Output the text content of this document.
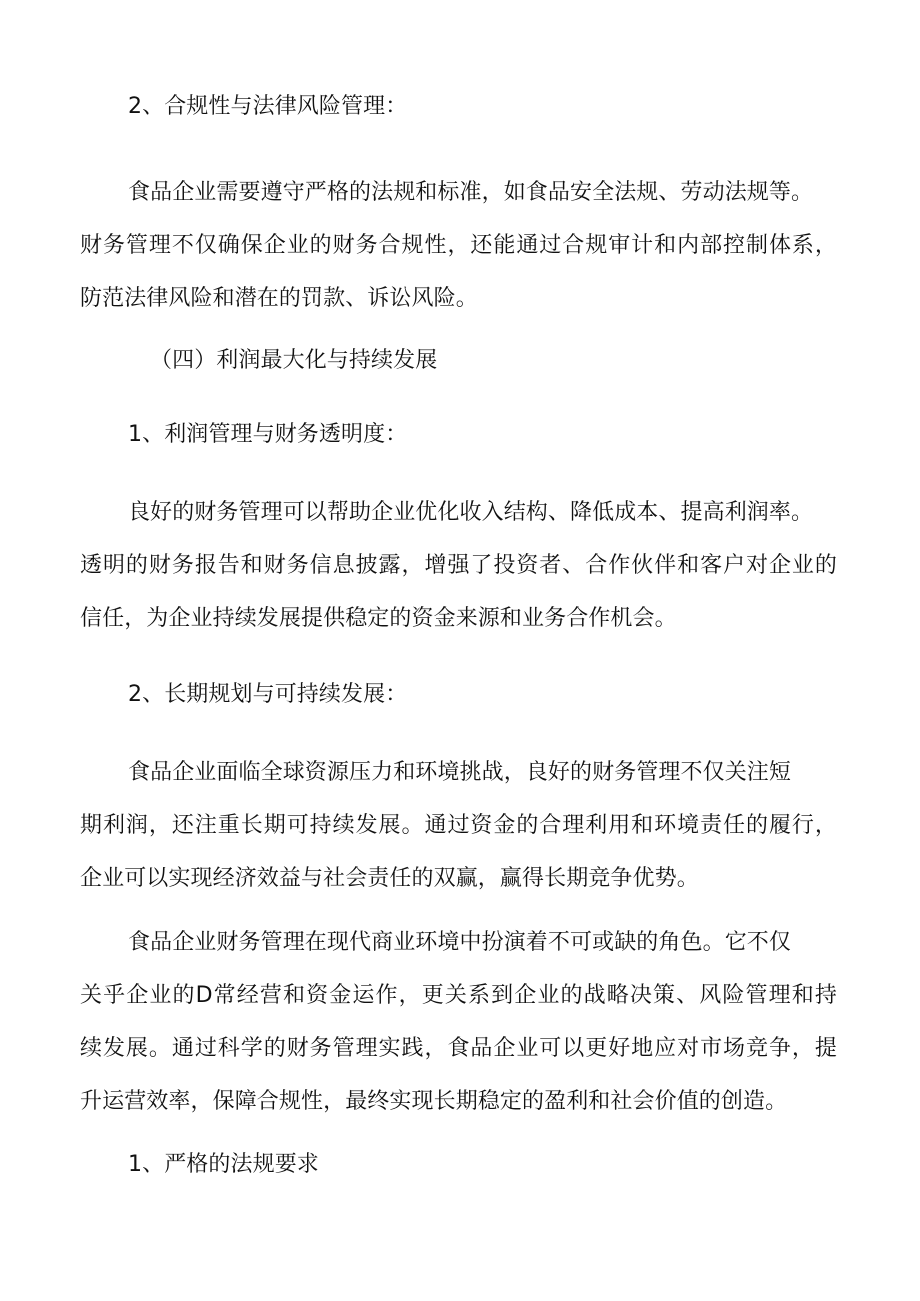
2、合规性与法律风险管理：
食品企业需要遵守严格的法规和标准，如食品安全法规、劳动法规等。
财务管理不仅确保企业的财务合规性，还能通过合规审计和内部控制体系，
防范法律风险和潜在的罚款、诉讼风险。
（四）利润最大化与持续发展
1、利润管理与财务透明度：
良好的财务管理可以帮助企业优化收入结构、降低成本、提高利润率。
透明的财务报告和财务信息披露，增强了投资者、合作伙伴和客户对企业的
信任，为企业持续发展提供稳定的资金来源和业务合作机会。
2、长期规划与可持续发展：
食品企业面临全球资源压力和环境挑战，良好的财务管理不仅关注短
期利润，还注重长期可持续发展。通过资金的合理利用和环境责任的履行，
企业可以实现经济效益与社会责任的双赢，赢得长期竞争优势。
食品企业财务管理在现代商业环境中扮演着不可或缺的角色。它不仅
关乎企业的D常经营和资金运作，更关系到企业的战略决策、风险管理和持
续发展。通过科学的财务管理实践，食品企业可以更好地应对市场竞争，提
升运营效率，保障合规性，最终实现长期稳定的盈利和社会价值的创造。
1、严格的法规要求
